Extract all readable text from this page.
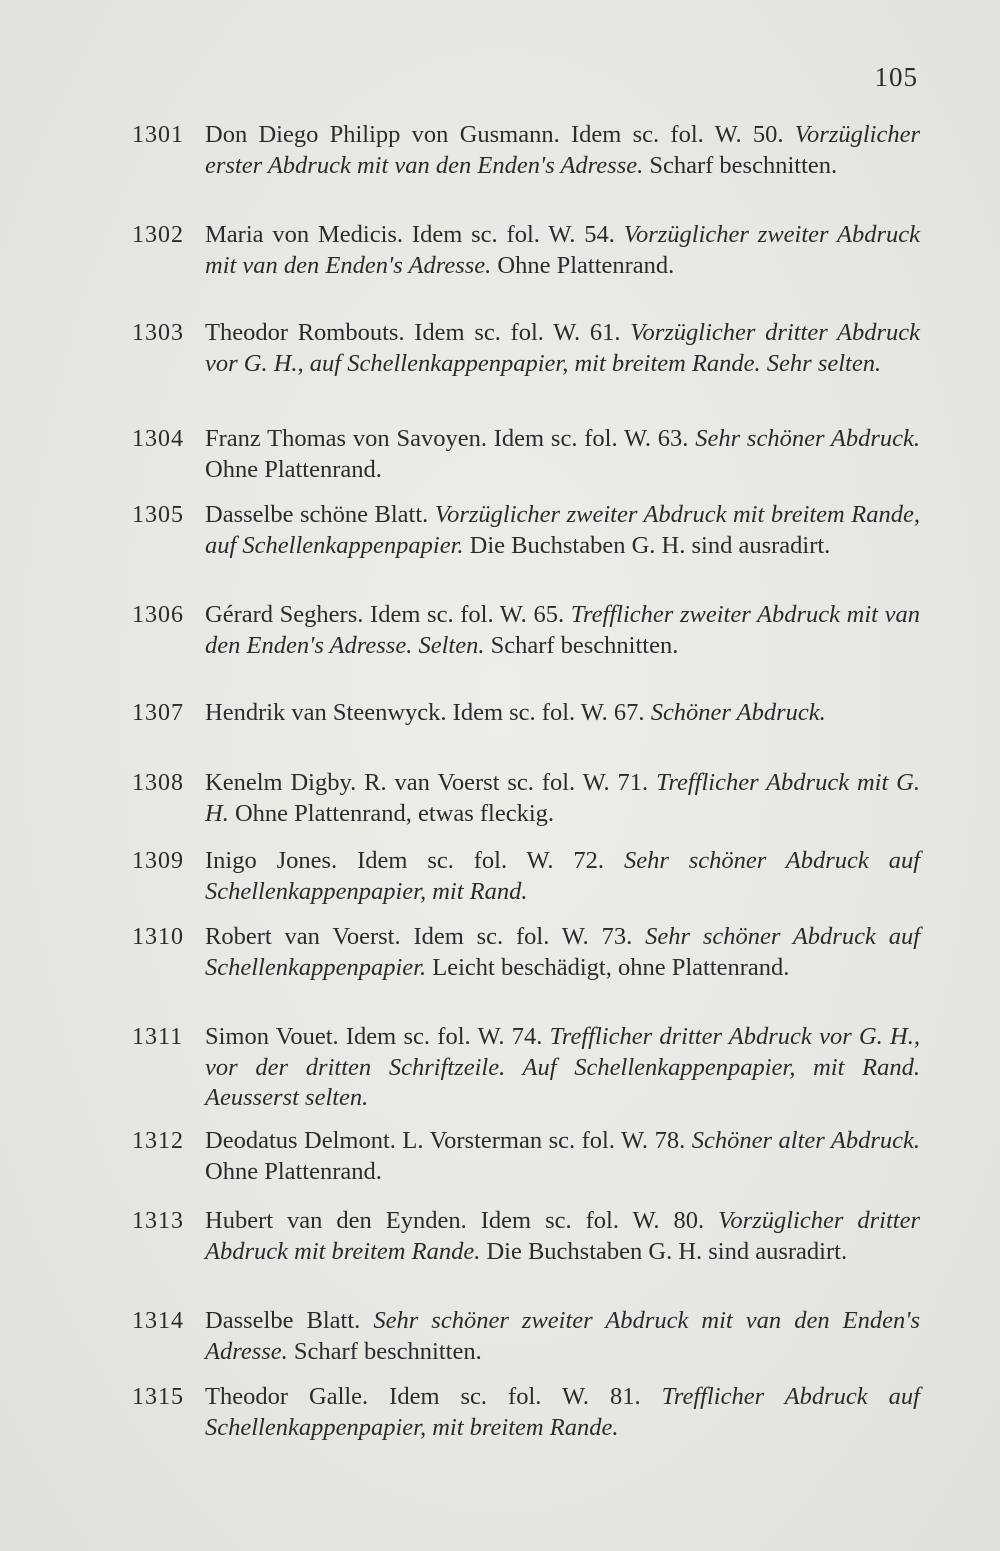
105
1301 Don Diego Philipp von Gusmann. Idem sc. fol. W. 50. Vorzüglicher erster Abdruck mit van den Enden's Adresse. Scharf beschnitten.
1302 Maria von Medicis. Idem sc. fol. W. 54. Vorzüglicher zweiter Abdruck mit van den Enden's Adresse. Ohne Plattenrand.
1303 Theodor Rombouts. Idem sc. fol. W. 61. Vorzüglicher dritter Abdruck vor G. H., auf Schellenkappenpapier, mit breitem Rande. Sehr selten.
1304 Franz Thomas von Savoyen. Idem sc. fol. W. 63. Sehr schöner Abdruck. Ohne Plattenrand.
1305 Dasselbe schöne Blatt. Vorzüglicher zweiter Abdruck mit breitem Rande, auf Schellenkappenpapier. Die Buchstaben G. H. sind ausradirt.
1306 Gérard Seghers. Idem sc. fol. W. 65. Trefflicher zweiter Abdruck mit van den Enden's Adresse. Selten. Scharf beschnitten.
1307 Hendrik van Steenwyck. Idem sc. fol. W. 67. Schöner Abdruck.
1308 Kenelm Digby. R. van Voerst sc. fol. W. 71. Trefflicher Abdruck mit G. H. Ohne Plattenrand, etwas fleckig.
1309 Inigo Jones. Idem sc. fol. W. 72. Sehr schöner Abdruck auf Schellenkappenpapier, mit Rand.
1310 Robert van Voerst. Idem sc. fol. W. 73. Sehr schöner Abdruck auf Schellenkappenpapier. Leicht beschädigt, ohne Plattenrand.
1311 Simon Vouet. Idem sc. fol. W. 74. Trefflicher dritter Abdruck vor G. H., vor der dritten Schriftzeile. Auf Schellenkappenpapier, mit Rand. Aeusserst selten.
1312 Deodatus Delmont. L. Vorsterman sc. fol. W. 78. Schöner alter Abdruck. Ohne Plattenrand.
1313 Hubert van den Eynden. Idem sc. fol. W. 80. Vorzüglicher dritter Abdruck mit breitem Rande. Die Buchstaben G. H. sind ausradirt.
1314 Dasselbe Blatt. Sehr schöner zweiter Abdruck mit van den Enden's Adresse. Scharf beschnitten.
1315 Theodor Galle. Idem sc. fol. W. 81. Trefflicher Abdruck auf Schellenkappenpapier, mit breitem Rande.
